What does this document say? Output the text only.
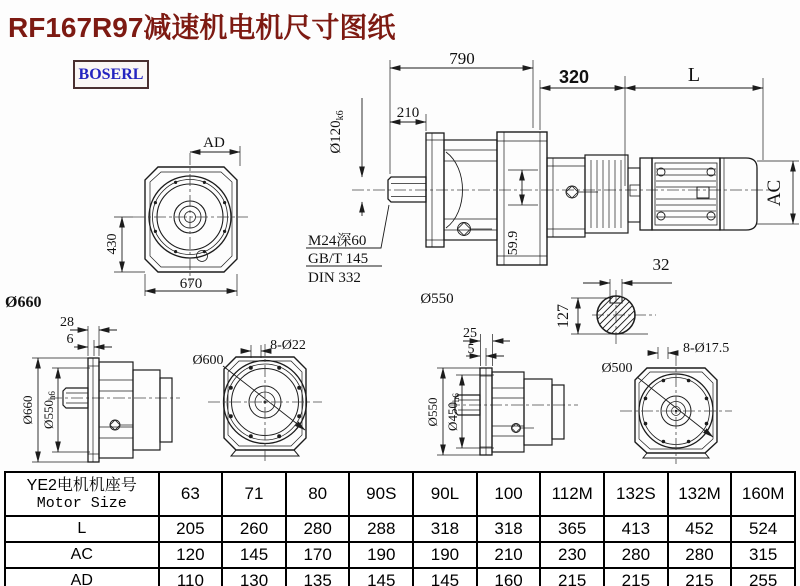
RF167R97减速机电机尺寸图纸
BOSERL
AD
430
670
59.9
790
210
320	L
AC
$Ø120_{k6}$
M24深60
GB/T 145
DIN 332
Ø550
32
127
Ø660
28
6
Ø660 Ø550h6
Ø600
8-Ø22
25
5
Ø550 Ø450h6
Ø500
8-Ø17.5
YE2电机机座号
Motor Size	63	71	80	90S	90L	100	112M	132S	132M	160M
L	205	260	280	288	318	318	365	413	452	524
AC	120	145	170	190	190	210	230	280	280	315
AD	110	130	135	145	145	160	215	215	215	255
